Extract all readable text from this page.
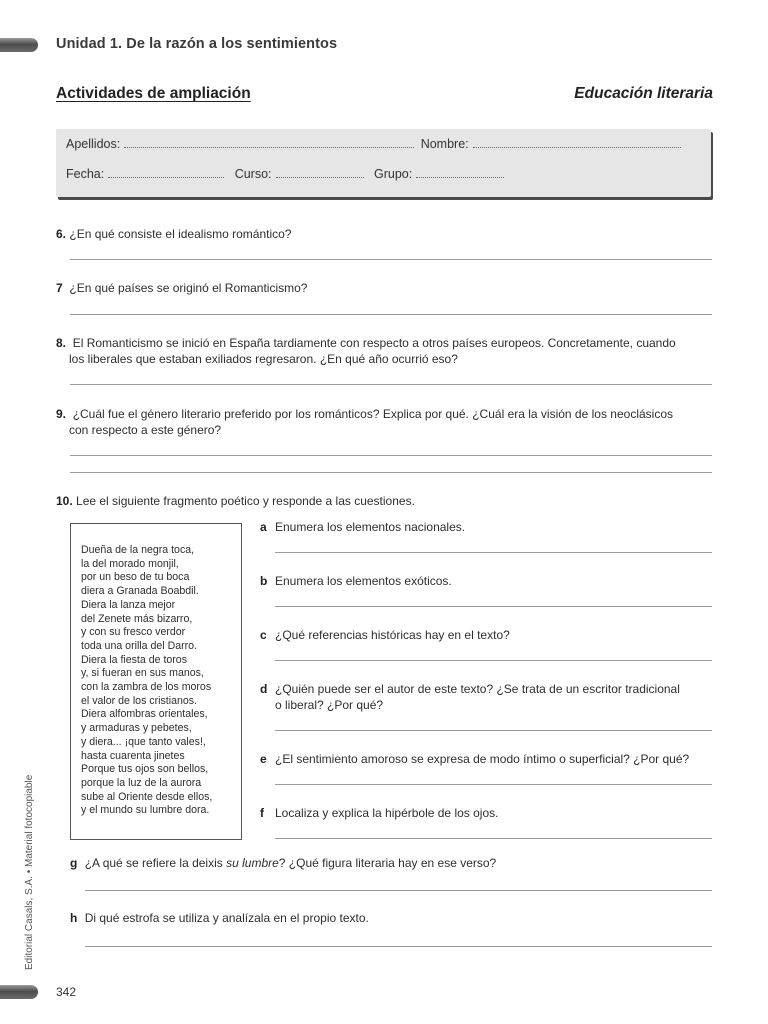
Unidad 1. De la razón a los sentimientos
Actividades de ampliación	Educación literaria
Apellidos:	Nombre:
Fecha:	Curso:	Grupo:
6. ¿En qué consiste el idealismo romántico?
7 ¿En qué países se originó el Romanticismo?
8. El Romanticismo se inició en España tardiamente con respecto a otros países europeos. Concretamente, cuando
los liberales que estaban exiliados regresaron. ¿En qué año ocurrió eso?
9. ¿Cuál fue el género literario preferido por los románticos? Explica por qué. ¿Cuál era la visión de los neoclásicos
con respecto a este género?
10. Lee el siguiente fragmento poético y responde a las cuestiones.
Dueña de la negra toca,
la del morado monjil,
por un beso de tu boca
diera a Granada Boabdil.
Diera la lanza mejor
del Zenete más bizarro,
y con su fresco verdor
toda una orilla del Darro.
Diera la fiesta de toros
y, si fueran en sus manos,
con la zambra de los moros
el valor de los cristianos.
Diera alfombras orientales,
y armaduras y pebetes,
y diera... ¡que tanto vales!,
hasta cuarenta jinetes
Porque tus ojos son bellos,
porque la luz de la aurora
sube al Oriente desde ellos,
y el mundo su lumbre dora.
a Enumera los elementos nacionales.
b Enumera los elementos exóticos.
c ¿Qué referencias históricas hay en el texto?
d ¿Quién puede ser el autor de este texto? ¿Se trata de un escritor tradicional
o liberal? ¿Por qué?
e ¿El sentimiento amoroso se expresa de modo íntimo o superficial? ¿Por qué?
f Localiza y explica la hipérbole de los ojos.
g ¿A qué se refiere la deixis su lumbre? ¿Qué figura literaria hay en ese verso?
h Di qué estrofa se utiliza y analízala en el propio texto.
Editorial Casals, S.A. • Material fotocopiable
342
